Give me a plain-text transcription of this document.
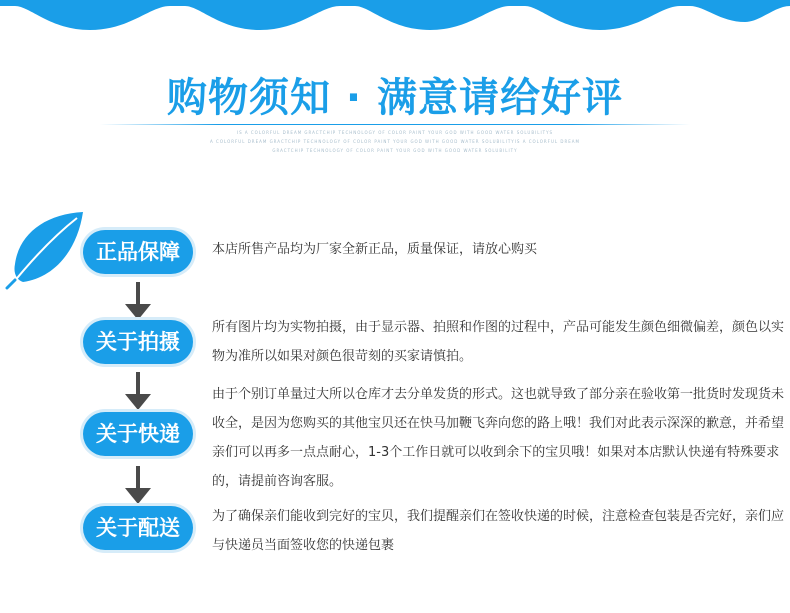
购物须知 · 满意请给好评
IS A COLORFUL DREAM GRACTCHIP TECHNOLOGY OF COLOR PAINT YOUR GOD WITH GOOD WATER SOLUBILITYS
A COLORFUL DREAM GRACTCHIP TECHNOLOGY OF COLOR PAINT YOUR GOD WITH GOOD WATER SOLUBILITYIS A COLORFUL DREAM
GRACTCHIP TECHNOLOGY OF COLOR PAINT YOUR GOD WITH GOOD WATER SOLUBILITY
正品保障	本店所售产品均为厂家全新正品，质量保证，请放心购买
关于拍摄
所有图片均为实物拍摄，由于显示器、拍照和作图的过程中，产品可能发生颜色细微偏差，颜色以实物为准所以如果对颜色很苛刻的买家请慎拍。
关于快递
由于个别订单量过大所以仓库才去分单发货的形式。这也就导致了部分亲在验收第一批货时发现货未收全，是因为您购买的其他宝贝还在快马加鞭飞奔向您的路上哦！我们对此表示深深的歉意，并希望亲们可以再多一点点耐心，1-3个工作日就可以收到余下的宝贝哦！如果对本店默认快递有特殊要求的，请提前咨询客服。
关于配送	为了确保亲们能收到完好的宝贝，我们提醒亲们在签收快递的时候，注意检查包装是否完好，亲们应与快递员当面签收您的快递包裹
